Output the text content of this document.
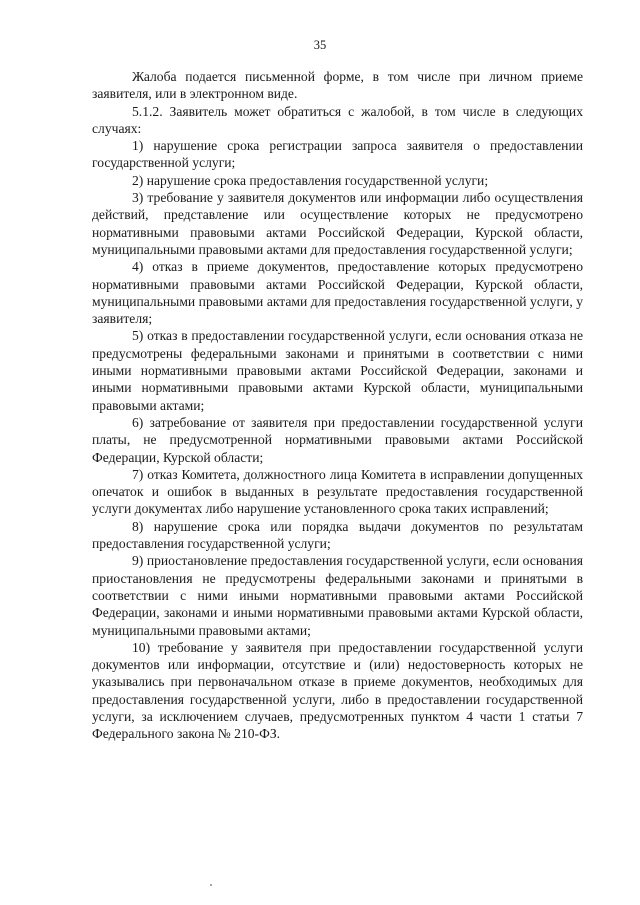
35

Жалоба подается письменной форме, в том числе при личном приеме заявителя, или в электронном виде.

5.1.2. Заявитель может обратиться с жалобой, в том числе в следующих случаях:

1) нарушение срока регистрации запроса заявителя о предоставлении государственной услуги;

2) нарушение срока предоставления государственной услуги;

3) требование у заявителя документов или информации либо осуществления действий, представление или осуществление которых не предусмотрено нормативными правовыми актами Российской Федерации, Курской области, муниципальными правовыми актами для предоставления государственной услуги;

4) отказ в приеме документов, предоставление которых предусмотрено нормативными правовыми актами Российской Федерации, Курской области, муниципальными правовыми актами для предоставления государственной услуги, у заявителя;

5) отказ в предоставлении государственной услуги, если основания отказа не предусмотрены федеральными законами и принятыми в соответствии с ними иными нормативными правовыми актами Российской Федерации, законами и иными нормативными правовыми актами Курской области, муниципальными правовыми актами;

6) затребование от заявителя при предоставлении государственной услуги платы, не предусмотренной нормативными правовыми актами Российской Федерации, Курской области;

7) отказ Комитета, должностного лица Комитета в исправлении допущенных опечаток и ошибок в выданных в результате предоставления государственной услуги документах либо нарушение установленного срока таких исправлений;

8) нарушение срока или порядка выдачи документов по результатам предоставления государственной услуги;

9) приостановление предоставления государственной услуги, если основания приостановления не предусмотрены федеральными законами и принятыми в соответствии с ними иными нормативными правовыми актами Российской Федерации, законами и иными нормативными правовыми актами Курской области, муниципальными правовыми актами;

10) требование у заявителя при предоставлении государственной услуги документов или информации, отсутствие и (или) недостоверность которых не указывались при первоначальном отказе в приеме документов, необходимых для предоставления государственной услуги, либо в предоставлении государственной услуги, за исключением случаев, предусмотренных пунктом 4 части 1 статьи 7 Федерального закона № 210-ФЗ.
